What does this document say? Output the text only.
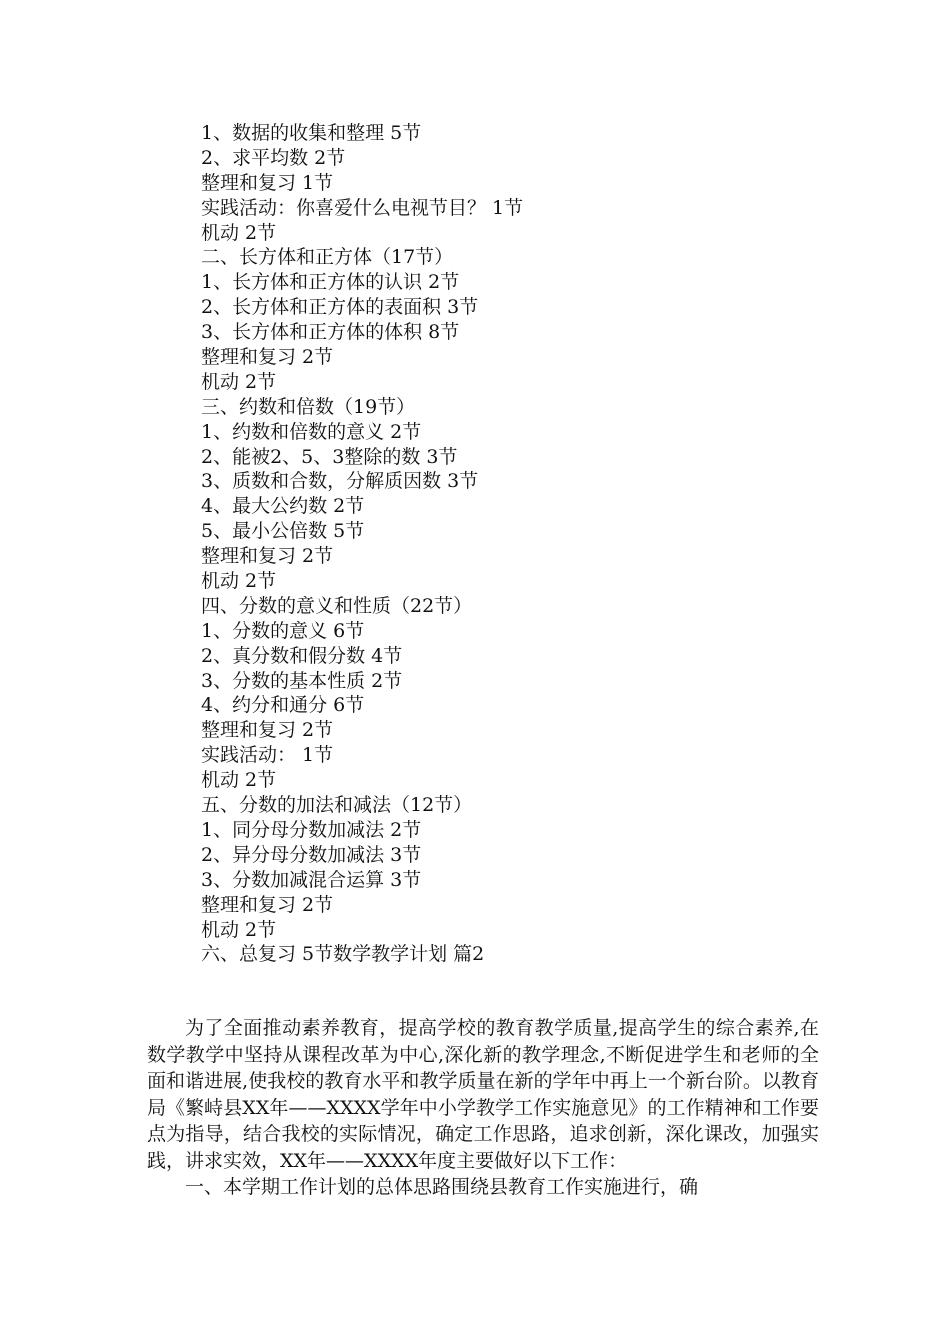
1、数据的收集和整理 5节
2、求平均数 2节
整理和复习 1节
实践活动：你喜爱什么电视节目？ 1节
机动 2节
二、长方体和正方体（17节）
1、长方体和正方体的认识 2节
2、长方体和正方体的表面积 3节
3、长方体和正方体的体积 8节
整理和复习 2节
机动 2节
三、约数和倍数（19节）
1、约数和倍数的意义 2节
2、能被2、5、3整除的数 3节
3、质数和合数，分解质因数 3节
4、最大公约数 2节
5、最小公倍数 5节
整理和复习 2节
机动 2节
四、分数的意义和性质（22节）
1、分数的意义 6节
2、真分数和假分数 4节
3、分数的基本性质 2节
4、约分和通分 6节
整理和复习 2节
实践活动： 1节
机动 2节
五、分数的加法和减法（12节）
1、同分母分数加减法 2节
2、异分母分数加减法 3节
3、分数加减混合运算 3节
整理和复习 2节
机动 2节
六、总复习 5节数学教学计划 篇2

为了全面推动素养教育，提高学校的教育教学质量,提高学生的综合素养,在数学教学中坚持从课程改革为中心,深化新的教学理念,不断促进学生和老师的全面和谐进展,使我校的教育水平和教学质量在新的学年中再上一个新台阶。以教育局《繁峙县XX年——XXXX学年中小学教学工作实施意见》的工作精神和工作要点为指导，结合我校的实际情况，确定工作思路，追求创新，深化课改，加强实践，讲求实效，XX年——XXXX年度主要做好以下工作：

一、本学期工作计划的总体思路围绕县教育工作实施进行，确
